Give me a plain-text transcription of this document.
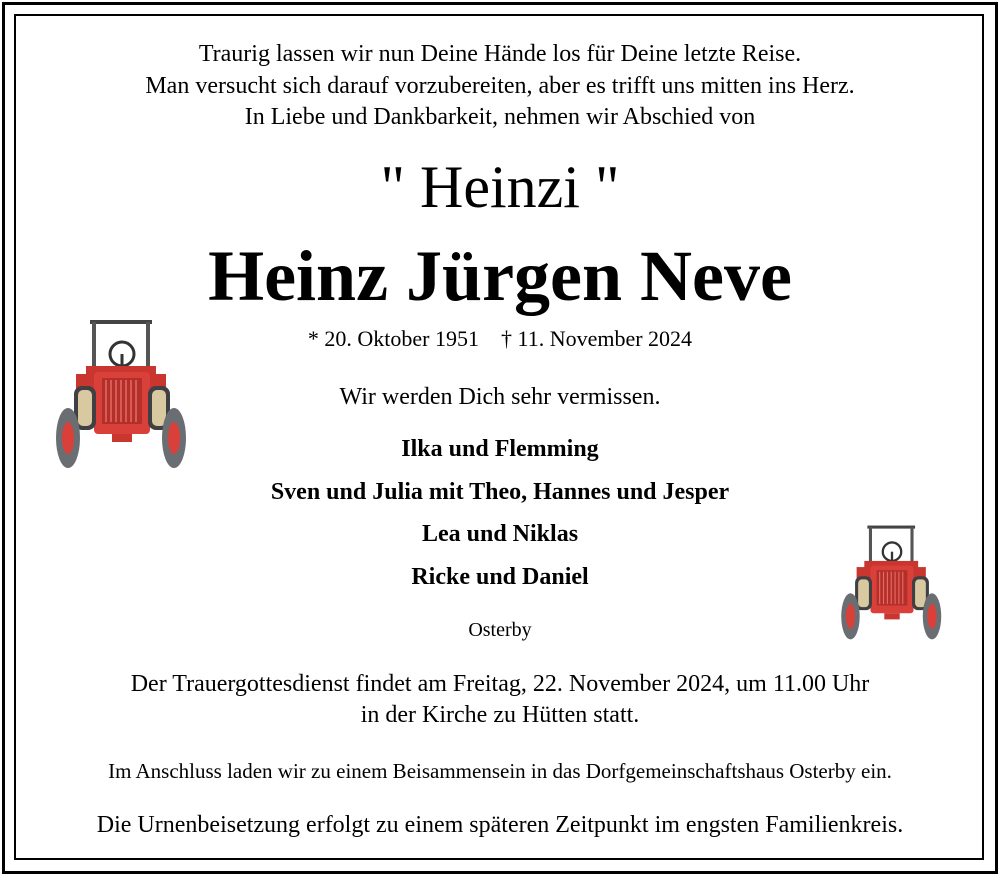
Traurig lassen wir nun Deine Hände los für Deine letzte Reise.
Man versucht sich darauf vorzubereiten, aber es trifft uns mitten ins Herz.
In Liebe und Dankbarkeit, nehmen wir Abschied von
" Heinzi "
Heinz Jürgen Neve
* 20. Oktober 1951    † 11. November 2024
Wir werden Dich sehr vermissen.
Ilka und Flemming
Sven und Julia mit Theo, Hannes und Jesper
Lea und Niklas
Ricke und Daniel
Osterby
Der Trauergottesdienst findet am Freitag, 22. November 2024, um 11.00 Uhr
in der Kirche zu Hütten statt.
Im Anschluss laden wir zu einem Beisammensein in das Dorfgemeinschaftshaus Osterby ein.
Die Urnenbeisetzung erfolgt zu einem späteren Zeitpunkt im engsten Familienkreis.
